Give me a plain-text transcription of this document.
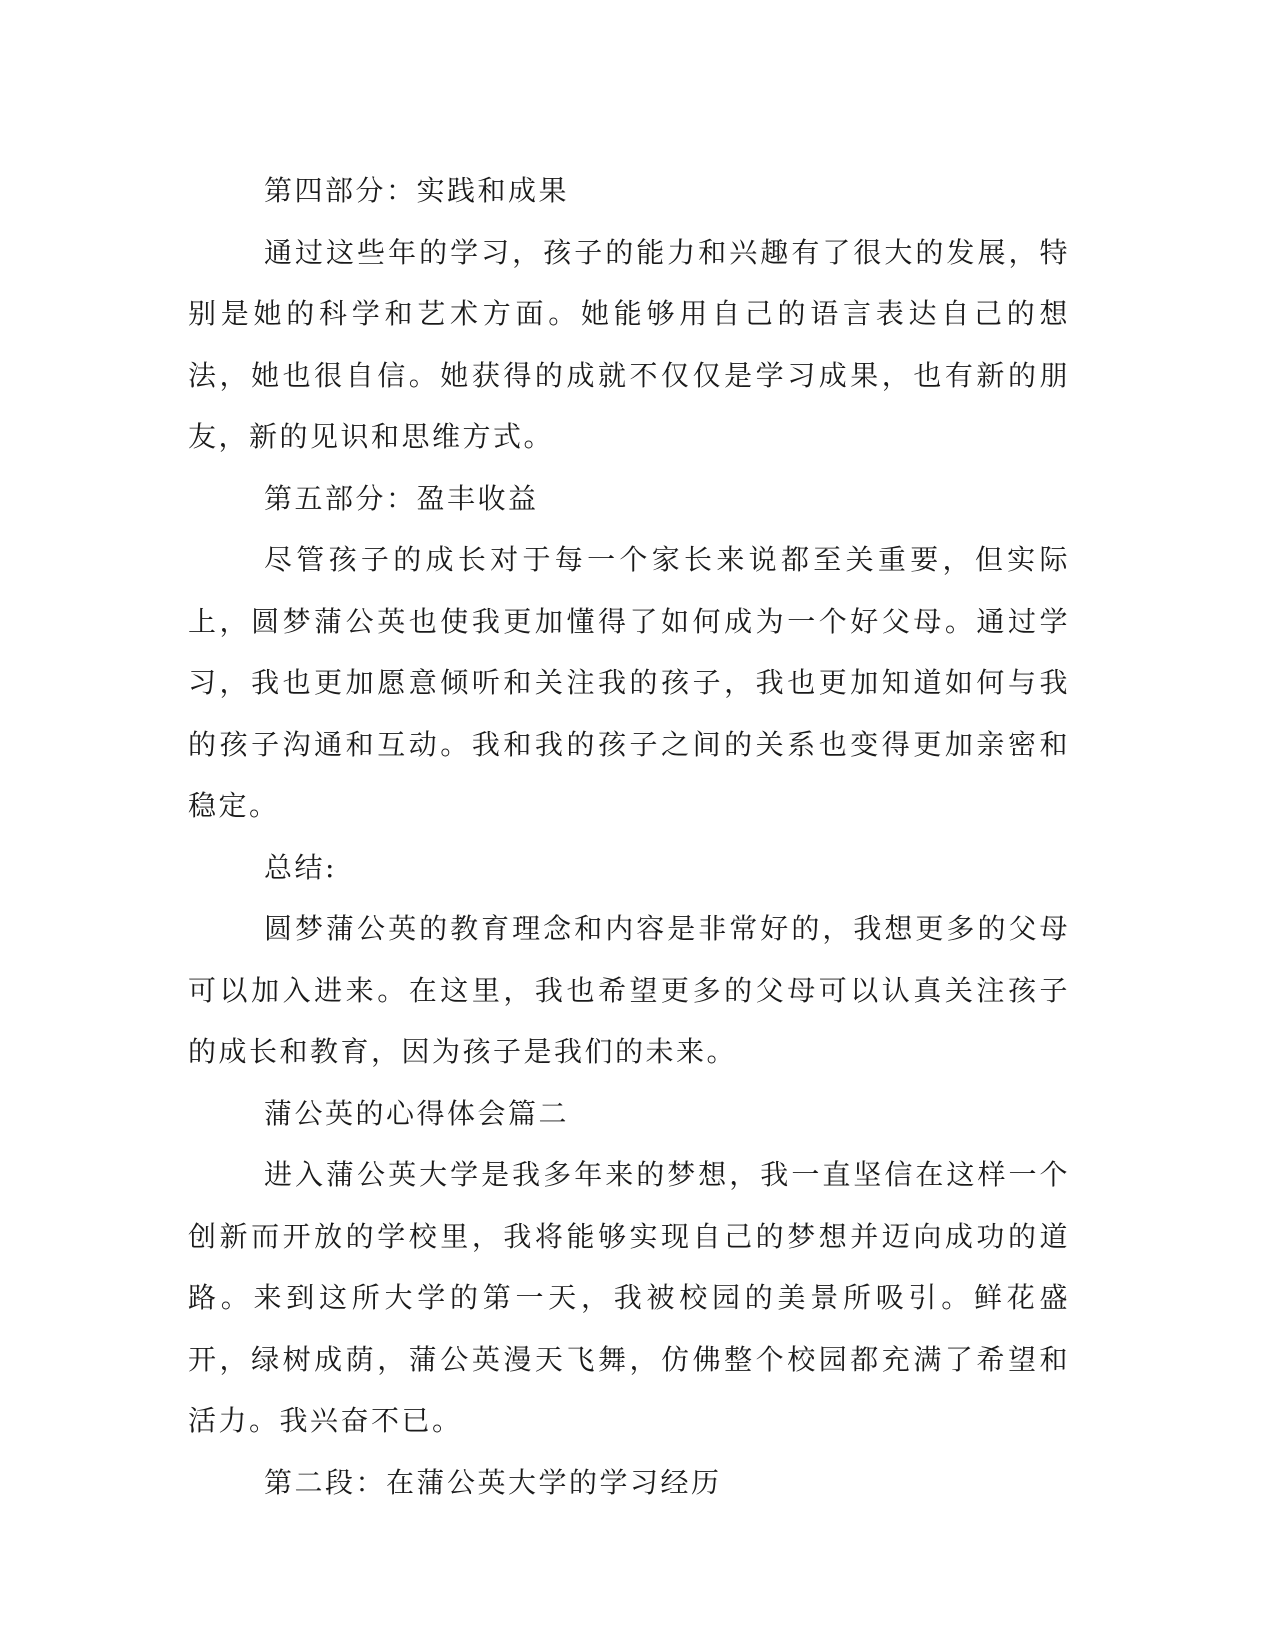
第四部分：实践和成果

通过这些年的学习，孩子的能力和兴趣有了很大的发展，特别是她的科学和艺术方面。她能够用自己的语言表达自己的想法，她也很自信。她获得的成就不仅仅是学习成果，也有新的朋友，新的见识和思维方式。

第五部分：盈丰收益

尽管孩子的成长对于每一个家长来说都至关重要，但实际上，圆梦蒲公英也使我更加懂得了如何成为一个好父母。通过学习，我也更加愿意倾听和关注我的孩子，我也更加知道如何与我的孩子沟通和互动。我和我的孩子之间的关系也变得更加亲密和稳定。

总结:

圆梦蒲公英的教育理念和内容是非常好的，我想更多的父母可以加入进来。在这里，我也希望更多的父母可以认真关注孩子的成长和教育，因为孩子是我们的未来。

蒲公英的心得体会篇二

进入蒲公英大学是我多年来的梦想，我一直坚信在这样一个创新而开放的学校里，我将能够实现自己的梦想并迈向成功的道路。来到这所大学的第一天，我被校园的美景所吸引。鲜花盛开，绿树成荫，蒲公英漫天飞舞，仿佛整个校园都充满了希望和活力。我兴奋不已。

第二段：在蒲公英大学的学习经历
